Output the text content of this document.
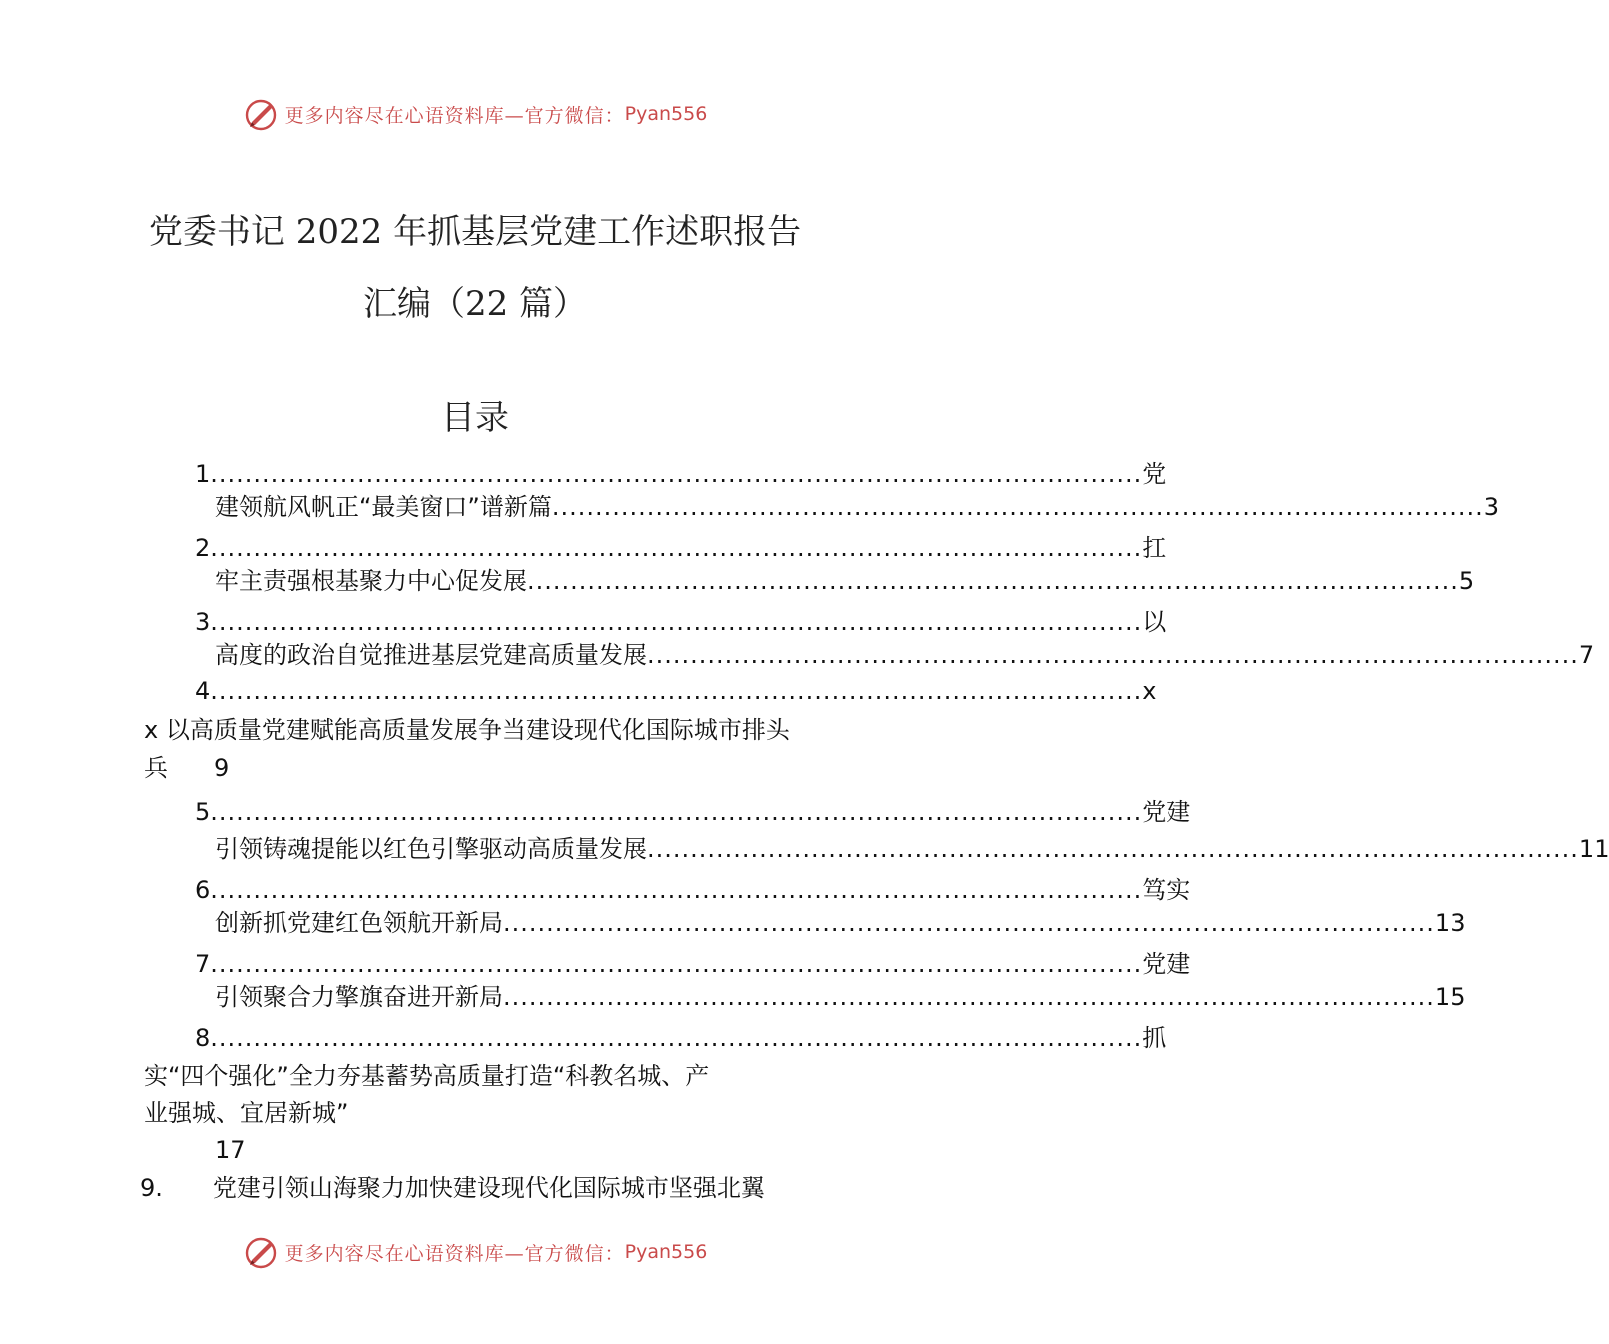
更多内容尽在心语资料库—官方微信： Pyan556
党委书记 2022 年抓基层党建工作述职报告
汇编（22 篇）
目录
1 ............................................................................................................ 党
建领航风帆正“最美窗口”谱新篇 ............................................................................................................ 3
2 ............................................................................................................ 扛
牢主责强根基聚力中心促发展 ............................................................................................................ 5
3 ............................................................................................................ 以
高度的政治自觉推进基层党建高质量发展 ............................................................................................................ 7
4 ............................................................................................................ x
x 以高质量党建赋能高质量发展争当建设现代化国际城市排头
兵 9
5 ............................................................................................................ 党建
引领铸魂提能以红色引擎驱动高质量发展 ............................................................................................................ 11
6 ............................................................................................................ 笃实
创新抓党建红色领航开新局 ............................................................................................................ 13
7 ............................................................................................................ 党建
引领聚合力擎旗奋进开新局 ............................................................................................................ 15
8 ............................................................................................................ 抓
实“四个强化”全力夯基蓄势高质量打造“科教名城、产
业强城、宜居新城”
17
9. 党建引领山海聚力加快建设现代化国际城市坚强北翼
更多内容尽在心语资料库—官方微信： Pyan556
